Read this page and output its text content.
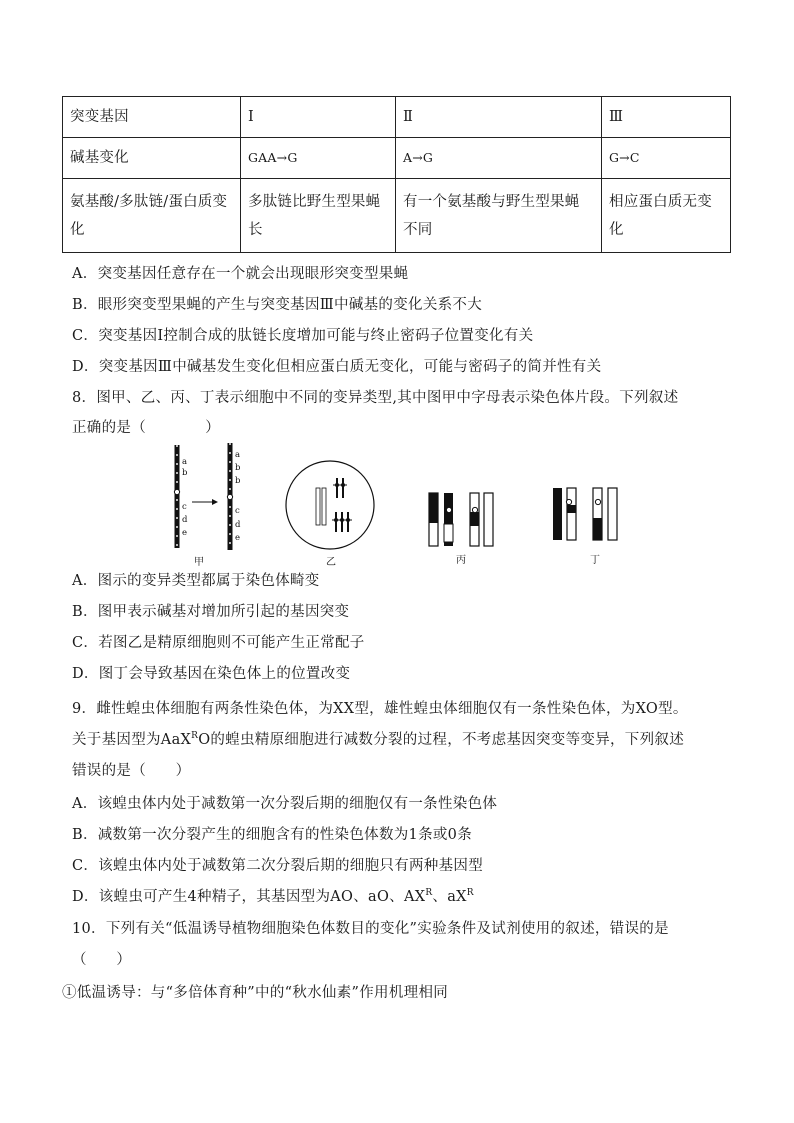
突变基因	Ⅰ	Ⅱ	Ⅲ
碱基变化	GAA→G	A→G	G→C
氨基酸/多肽链/蛋白质变化	多肽链比野生型果蝇长	有一个氨基酸与野生型果蝇不同	相应蛋白质无变化
A．突变基因任意存在一个就会出现眼形突变型果蝇
B．眼形突变型果蝇的产生与突变基因Ⅲ中碱基的变化关系不大
C．突变基因Ⅰ控制合成的肽链长度增加可能与终止密码子位置变化有关
D．突变基因Ⅲ中碱基发生变化但相应蛋白质无变化，可能与密码子的简并性有关
8．图甲、乙、丙、丁表示细胞中不同的变异类型,其中图甲中字母表示染色体片段。下列叙述
正确的是（　　　　）
a
b
c
d
e
a
b
b
c
d
e
甲	乙	丙	丁
A．图示的变异类型都属于染色体畸变
B．图甲表示碱基对增加所引起的基因突变
C．若图乙是精原细胞则不可能产生正常配子
D．图丁会导致基因在染色体上的位置改变
9．雌性蝗虫体细胞有两条性染色体，为XX型，雄性蝗虫体细胞仅有一条性染色体，为XO型。
关于基因型为AaX$^R$O的蝗虫精原细胞进行减数分裂的过程，不考虑基因突变等变异，下列叙述
错误的是（　　）
A．该蝗虫体内处于减数第一次分裂后期的细胞仅有一条性染色体
B．减数第一次分裂产生的细胞含有的性染色体数为1条或0条
C．该蝗虫体内处于减数第二次分裂后期的细胞只有两种基因型
D．该蝗虫可产生4种精子，其基因型为AO、aO、$AX^R$、$aX^R$
10．下列有关“低温诱导植物细胞染色体数目的变化”实验条件及试剂使用的叙述，错误的是
（　　）
①低温诱导：与“多倍体育种”中的“秋水仙素”作用机理相同
